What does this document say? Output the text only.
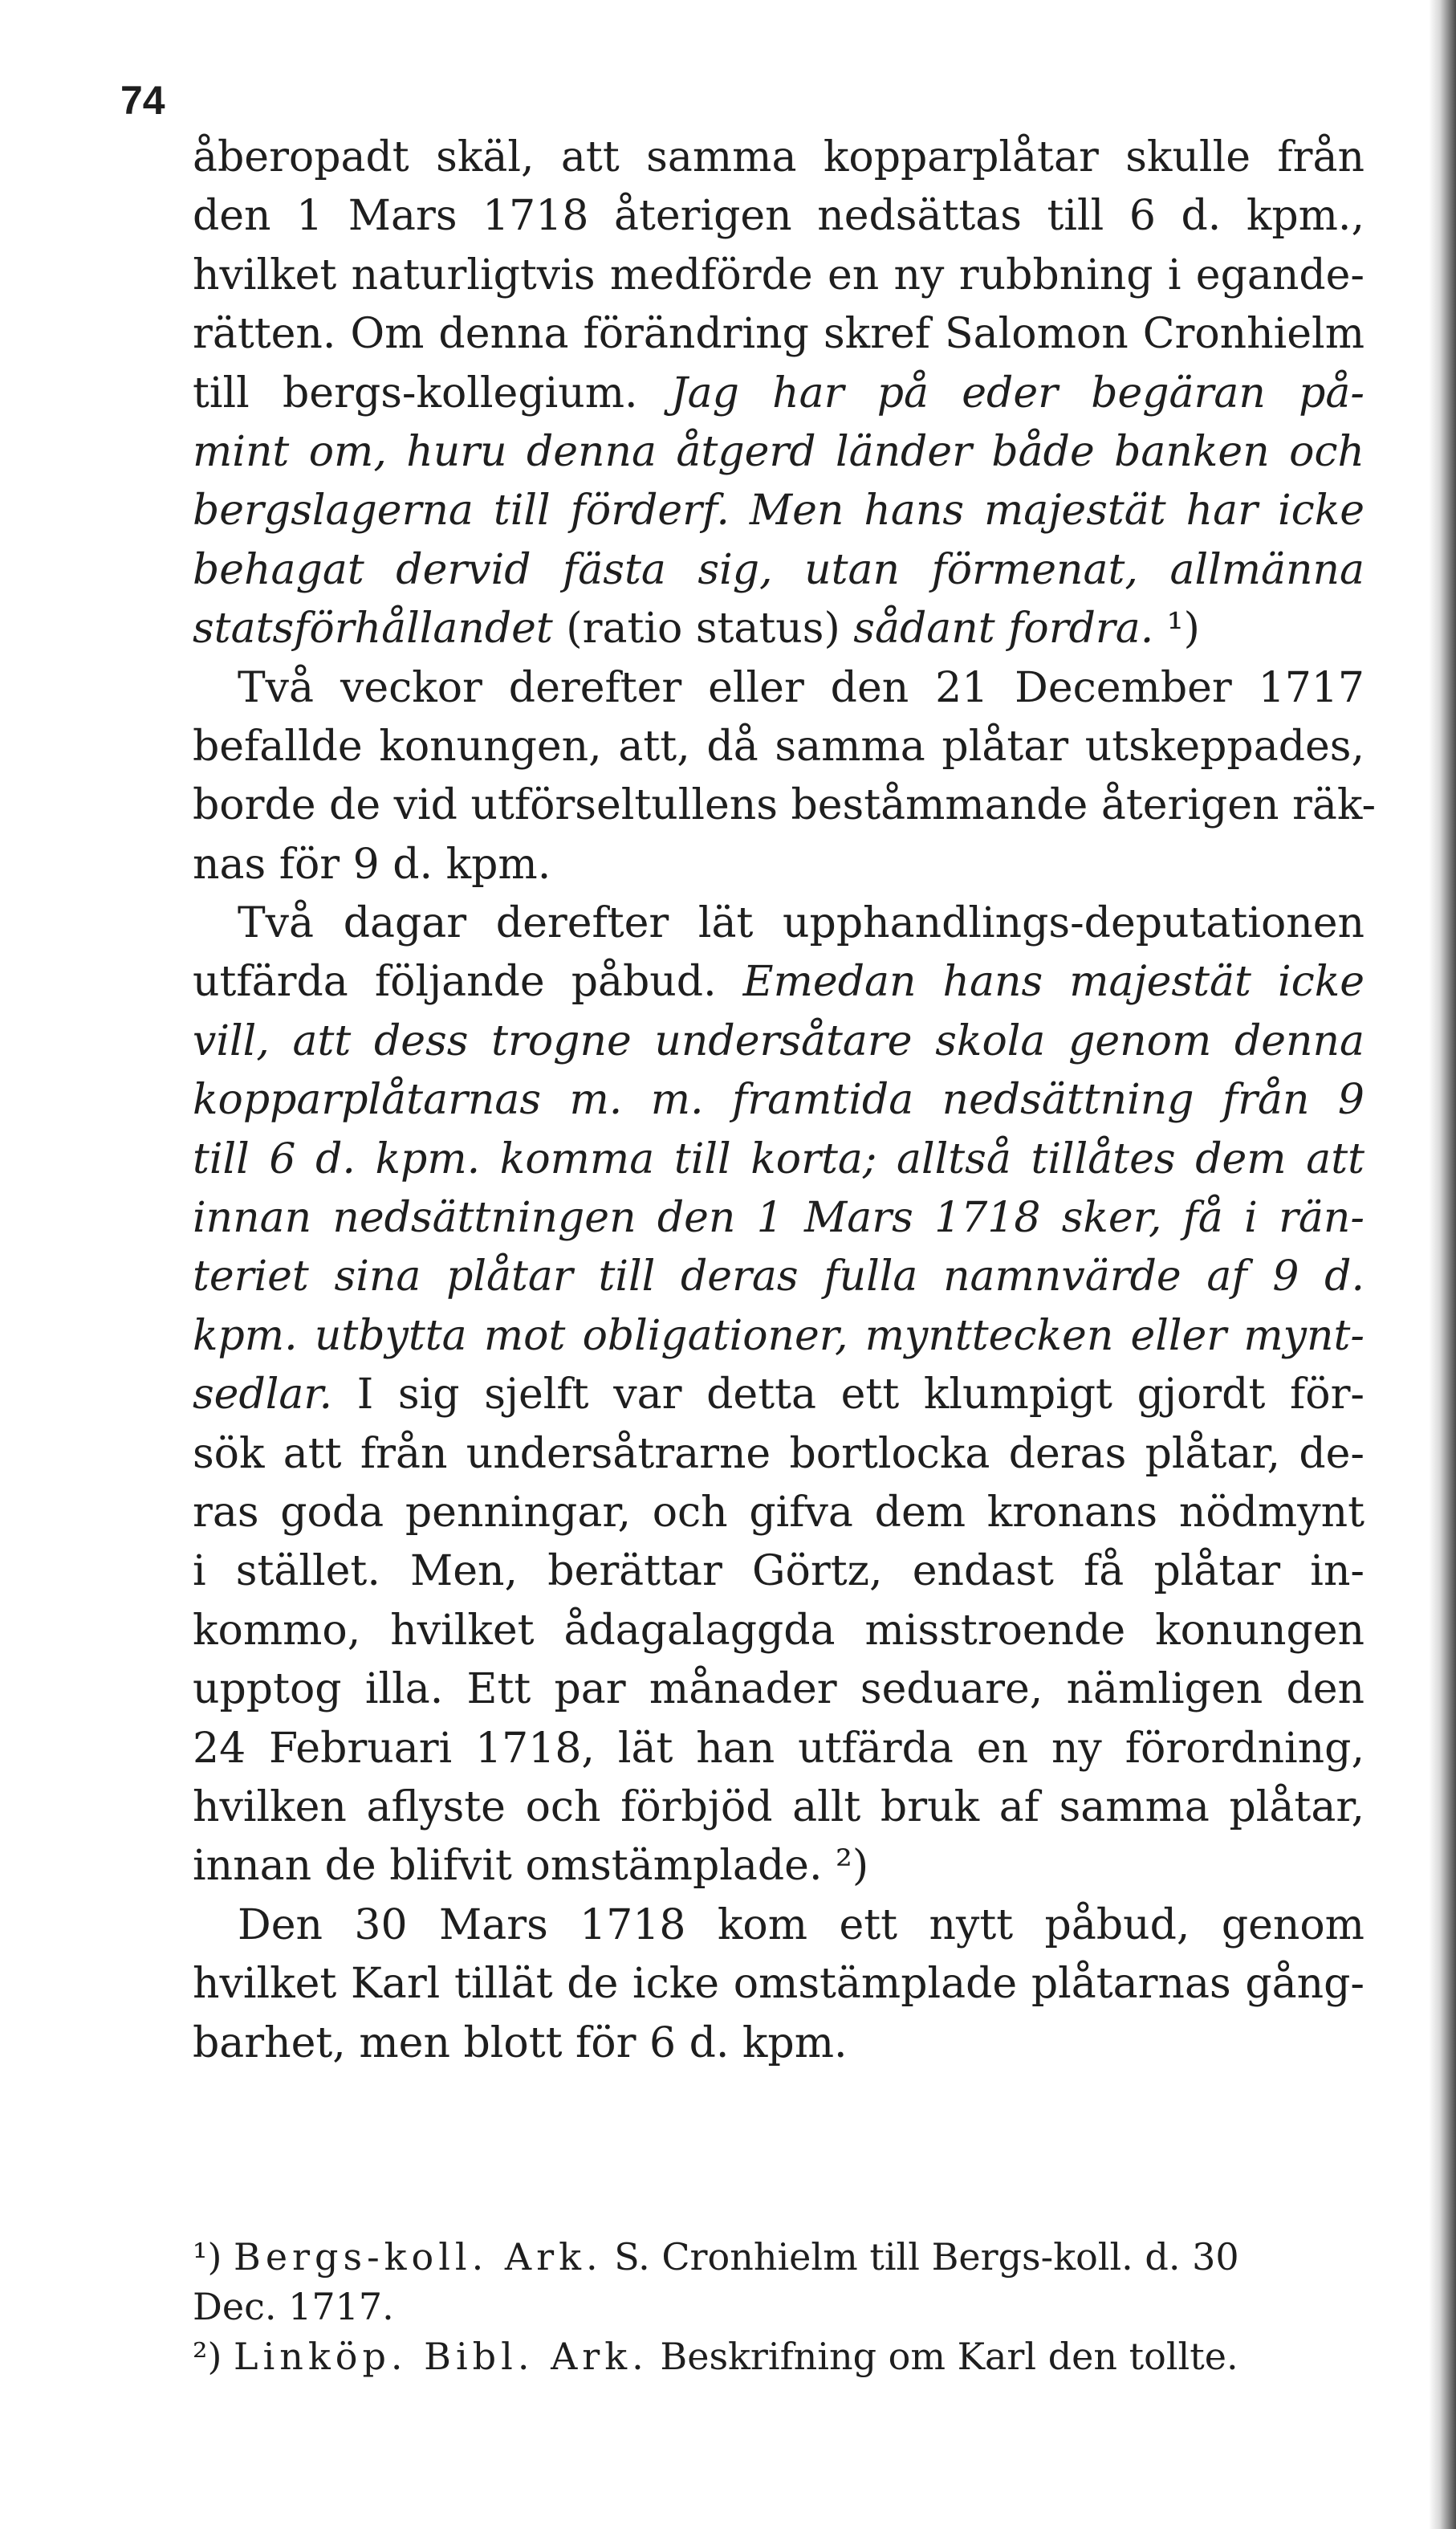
74
åberopadt skäl, att samma kopparplåtar skulle från
den 1 Mars 1718 återigen nedsättas till 6 d. kpm.,
hvilket naturligtvis medförde en ny rubbning i egande-
rätten. Om denna förändring skref Salomon Cronhielm
till bergs-kollegium. Jag har på eder begäran på-
mint om, huru denna åtgerd länder både banken och
bergslagerna till förderf. Men hans majestät har icke
behagat dervid fästa sig, utan förmenat, allmänna
statsförhållandet (ratio status) sådant fordra. ¹)
Två veckor derefter eller den 21 December 1717
befallde konungen, att, då samma plåtar utskeppades,
borde de vid utförseltullens beståmmande återigen räk-
nas för 9 d. kpm.
Två dagar derefter lät upphandlings-deputationen
utfärda följande påbud. Emedan hans majestät icke
vill, att dess trogne undersåtare skola genom denna
kopparplåtarnas m. m. framtida nedsättning från 9
till 6 d. kpm. komma till korta; alltså tillåtes dem att
innan nedsättningen den 1 Mars 1718 sker, få i rän-
teriet sina plåtar till deras fulla namnvärde af 9 d.
kpm. utbytta mot obligationer, mynttecken eller mynt-
sedlar. I sig sjelft var detta ett klumpigt gjordt för-
sök att från undersåtrarne bortlocka deras plåtar, de-
ras goda penningar, och gifva dem kronans nödmynt
i stället. Men, berättar Görtz, endast få plåtar in-
kommo, hvilket ådagalaggda misstroende konungen
upptog illa. Ett par månader seduare, nämligen den
24 Februari 1718, lät han utfärda en ny förordning,
hvilken aflyste och förbjöd allt bruk af samma plåtar,
innan de blifvit omstämplade. ²)
Den 30 Mars 1718 kom ett nytt påbud, genom
hvilket Karl tillät de icke omstämplade plåtarnas gång-
barhet, men blott för 6 d. kpm.
¹) Bergs-koll. Ark. S. Cronhielm till Bergs-koll. d. 30
Dec. 1717.
²) Linköp. Bibl. Ark. Beskrifning om Karl den tollte.
